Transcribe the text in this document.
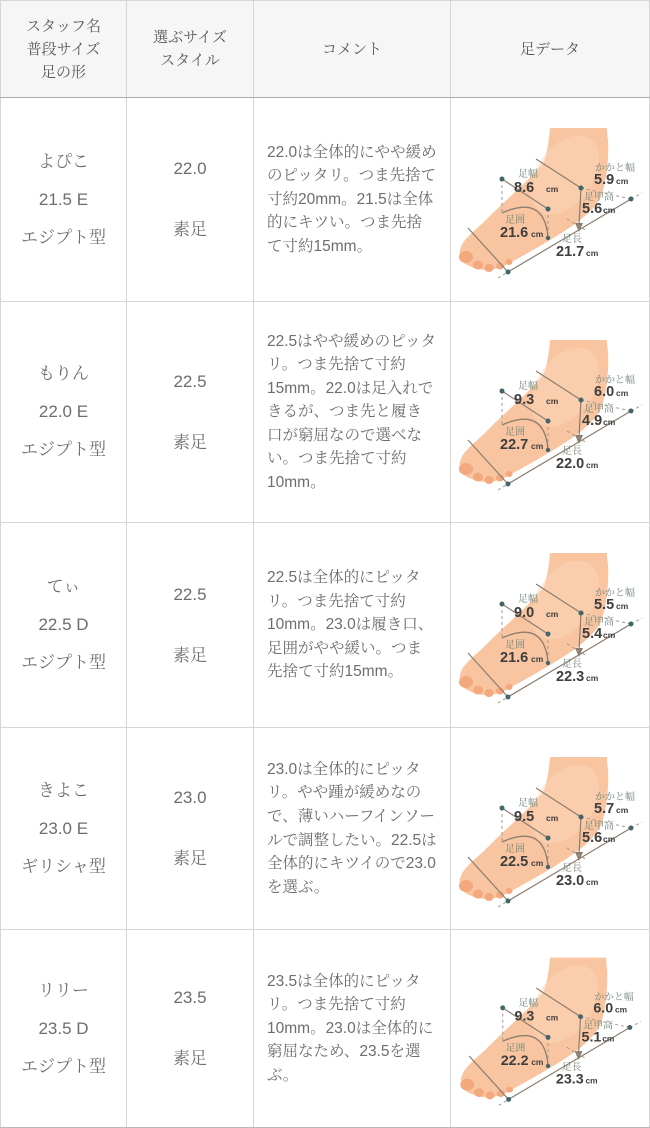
スタッフ名
普段サイズ
足の形
選ぶサイズ
スタイル
コメント	足データ
よぴこ
21.5 E
エジプト型
22.0
素足

22.0は全体的にやや緩めのピッタリ。つま先捨て寸約20mm。21.5は全体的にキツい。つま先捨て寸約15mm。

足幅
8.6 cm
かかと幅
5.9 cm
足甲高
5.6 cm
足囲
21.6 cm 足長
21.7 cm
もりん
22.0 E
エジプト型
22.5
素足

22.5はやや緩めのピッタリ。つま先捨て寸約15mm。22.0は足入れできるが、つま先と履き口が窮屈なので選べない。つま先捨て寸約10mm。

足幅
9.3 cm
かかと幅
6.0 cm
足甲高
4.9 cm
足囲
22.7 cm 足長
22.0 cm
てぃ
22.5 D
エジプト型
22.5
素足

22.5は全体的にピッタリ。つま先捨て寸約10mm。23.0は履き口、足囲がやや緩い。つま先捨て寸約15mm。

足幅
9.0 cm
かかと幅
5.5 cm
足甲高
5.4 cm
足囲
21.6 cm 足長
22.3 cm
きよこ
23.0 E
ギリシャ型
23.0
素足

23.0は全体的にピッタリ。やや踵が緩めなので、薄いハーフインソールで調整したい。22.5は全体的にキツイので23.0を選ぶ。

足幅
9.5 cm
かかと幅
5.7 cm
足甲高
5.6 cm
足囲
22.5 cm 足長
23.0 cm
リリー
23.5 D
エジプト型
23.5
素足

23.5は全体的にピッタリ。つま先捨て寸約10mm。23.0は全体的に窮屈なため、23.5を選ぶ。

足幅
9.3 cm
かかと幅
6.0 cm
足甲高
5.1 cm
足囲
22.2 cm 足長
23.3 cm
